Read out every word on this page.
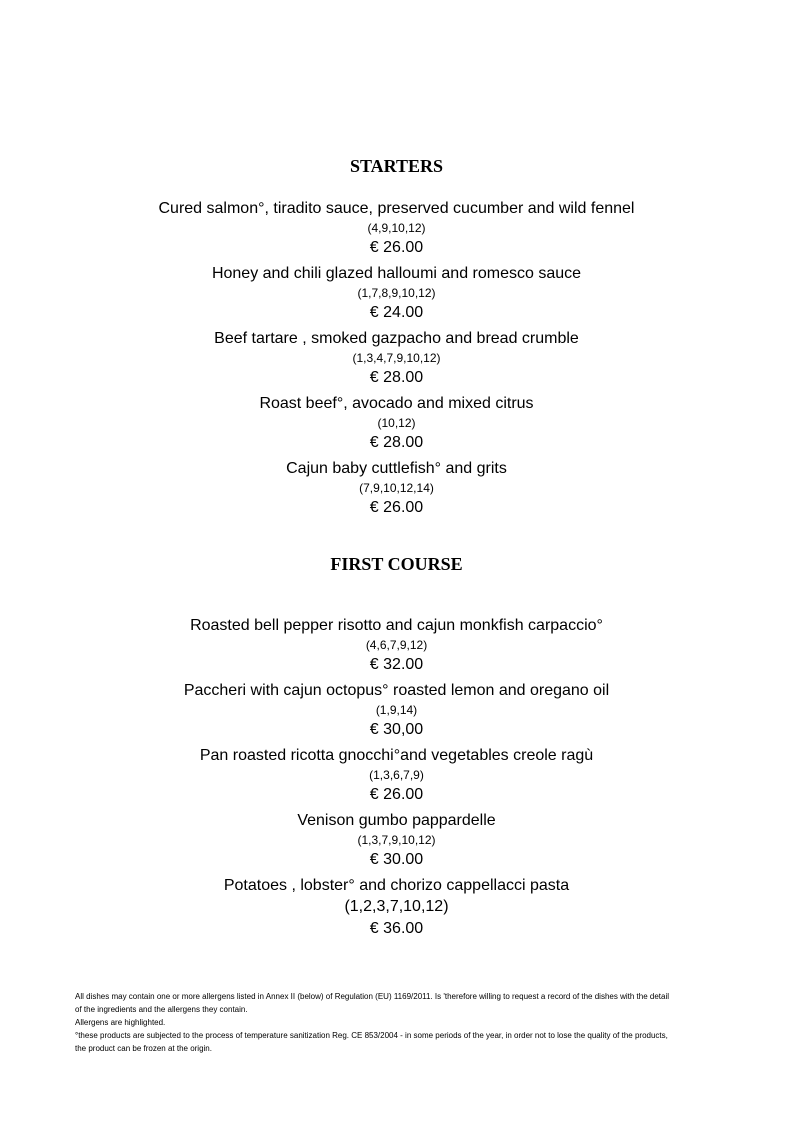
STARTERS
Cured salmon°, tiradito sauce, preserved cucumber and wild fennel
(4,9,10,12)
€ 26.00
Honey and chili glazed halloumi and romesco sauce
(1,7,8,9,10,12)
€ 24.00
Beef tartare , smoked gazpacho and bread crumble
(1,3,4,7,9,10,12)
€ 28.00
Roast beef°, avocado and mixed citrus
(10,12)
€ 28.00
Cajun baby cuttlefish° and grits
(7,9,10,12,14)
€ 26.00
FIRST COURSE
Roasted bell pepper risotto and cajun monkfish carpaccio°
(4,6,7,9,12)
€ 32.00
Paccheri with cajun octopus° roasted lemon and oregano oil
(1,9,14)
€ 30,00
Pan roasted ricotta gnocchi°and vegetables creole ragù
(1,3,6,7,9)
€ 26.00
Venison gumbo pappardelle
(1,3,7,9,10,12)
€ 30.00
Potatoes , lobster° and chorizo cappellacci pasta
(1,2,3,7,10,12)
€ 36.00
All dishes may contain one or more allergens listed in Annex II (below) of Regulation (EU) 1169/2011. Is 'therefore willing to request a record of the dishes with the detail
of the ingredients and the allergens they contain.
Allergens are highlighted.
°these products are subjected to the process of temperature sanitization Reg. CE 853/2004 - in some periods of the year, in order not to lose the quality of the products,
the product can be frozen at the origin.
